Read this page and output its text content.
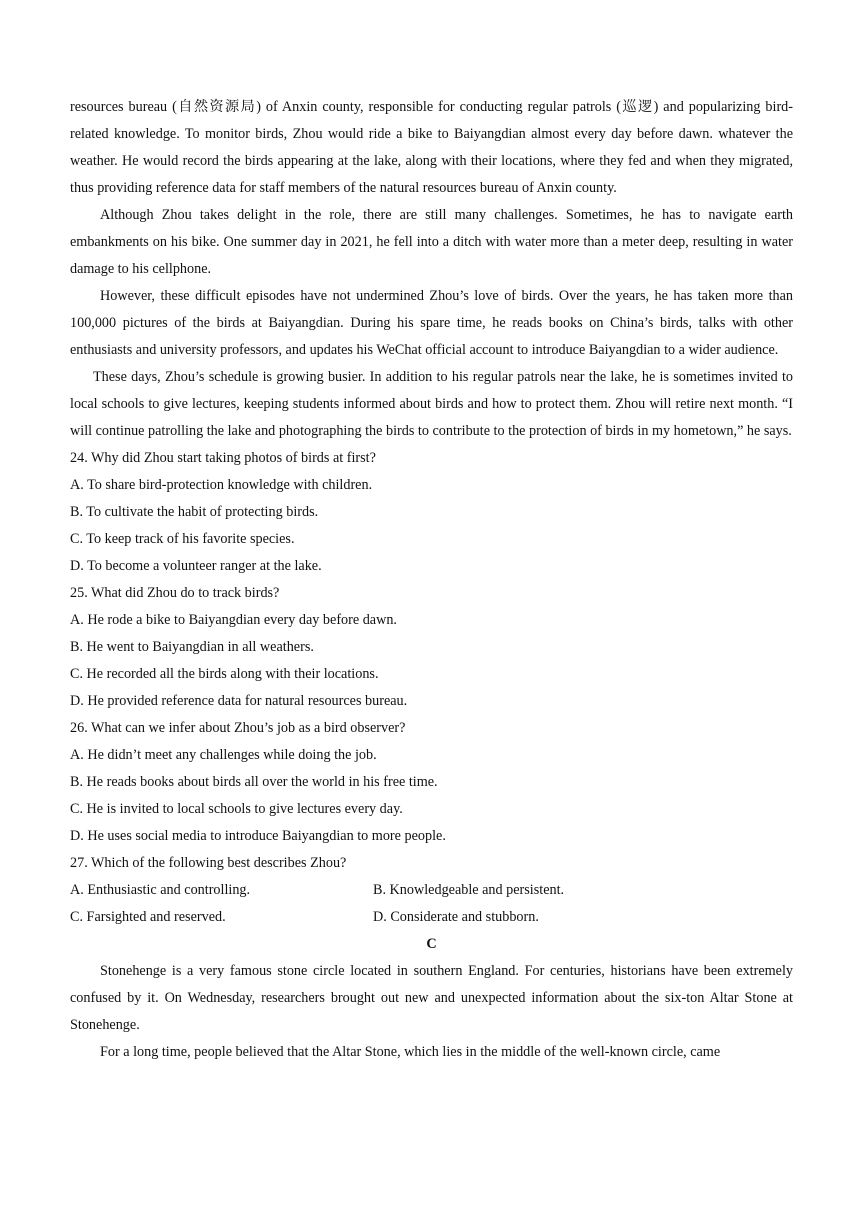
resources bureau (自然资源局) of Anxin county, responsible for conducting regular patrols (巡逻) and popularizing bird-related knowledge. To monitor birds, Zhou would ride a bike to Baiyangdian almost every day before dawn. whatever the weather. He would record the birds appearing at the lake, along with their locations, where they fed and when they migrated, thus providing reference data for staff members of the natural resources bureau of Anxin county.

Although Zhou takes delight in the role, there are still many challenges. Sometimes, he has to navigate earth embankments on his bike. One summer day in 2021, he fell into a ditch with water more than a meter deep, resulting in water damage to his cellphone.

However, these difficult episodes have not undermined Zhou’s love of birds. Over the years, he has taken more than 100,000 pictures of the birds at Baiyangdian. During his spare time, he reads books on China’s birds, talks with other enthusiasts and university professors, and updates his WeChat official account to introduce Baiyangdian to a wider audience.

These days, Zhou’s schedule is growing busier. In addition to his regular patrols near the lake, he is sometimes invited to local schools to give lectures, keeping students informed about birds and how to protect them. Zhou will retire next month. “I will continue patrolling the lake and photographing the birds to contribute to the protection of birds in my hometown,” he says.

24. Why did Zhou start taking photos of birds at first?

A. To share bird-protection knowledge with children.

B. To cultivate the habit of protecting birds.

C. To keep track of his favorite species.

D. To become a volunteer ranger at the lake.

25. What did Zhou do to track birds?

A. He rode a bike to Baiyangdian every day before dawn.

B. He went to Baiyangdian in all weathers.

C. He recorded all the birds along with their locations.

D. He provided reference data for natural resources bureau.

26. What can we infer about Zhou’s job as a bird observer?

A. He didn’t meet any challenges while doing the job.

B. He reads books about birds all over the world in his free time.

C. He is invited to local schools to give lectures every day.

D. He uses social media to introduce Baiyangdian to more people.

27. Which of the following best describes Zhou?

A. Enthusiastic and controlling.	B. Knowledgeable and persistent.

C. Farsighted and reserved.	D. Considerate and stubborn.

C

Stonehenge is a very famous stone circle located in southern England. For centuries, historians have been extremely confused by it. On Wednesday, researchers brought out new and unexpected information about the six-ton Altar Stone at Stonehenge.

For a long time, people believed that the Altar Stone, which lies in the middle of the well-known circle, came
